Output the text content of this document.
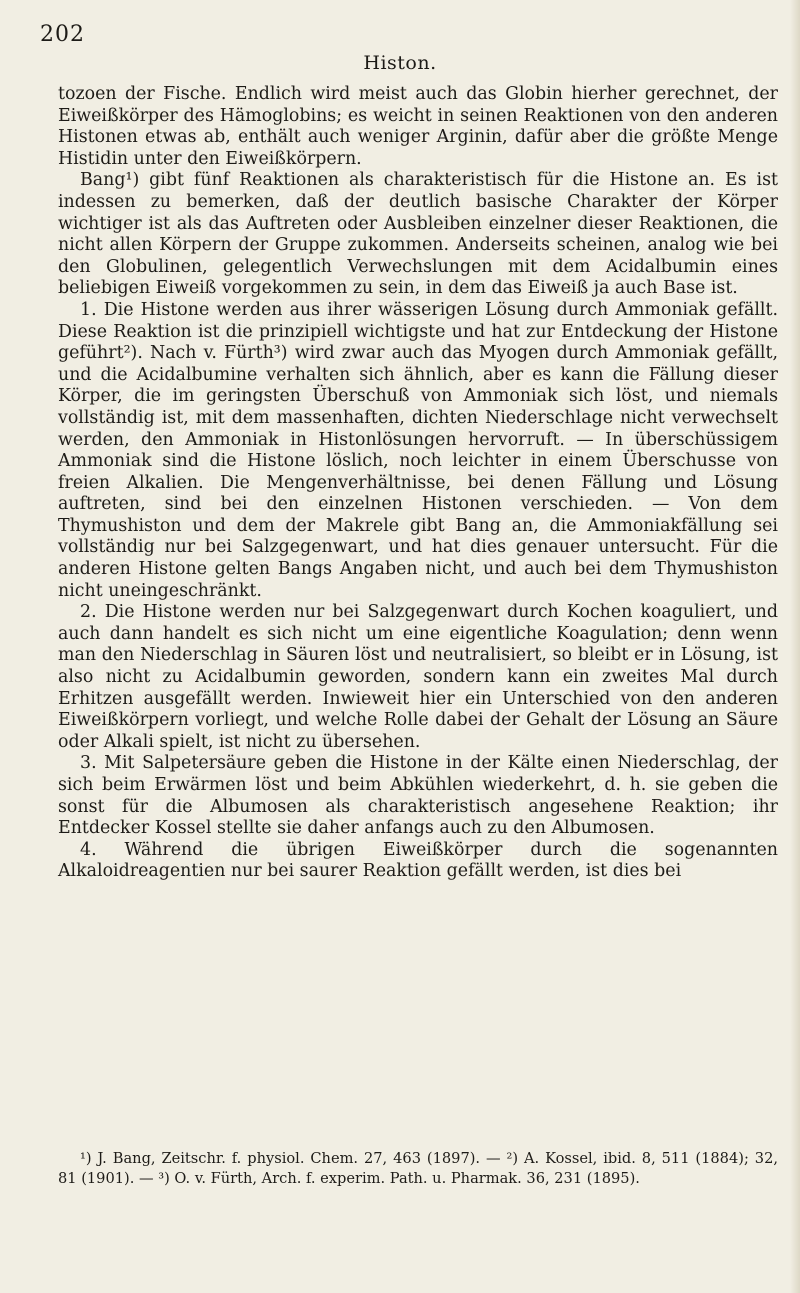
202
Histon.

tozoen der Fische. Endlich wird meist auch das Globin hierher gerechnet, der Eiweißkörper des Hämoglobins; es weicht in seinen Reaktionen von den anderen Histonen etwas ab, enthält auch weniger Arginin, dafür aber die größte Menge Histidin unter den Eiweißkörpern.

Bang¹) gibt fünf Reaktionen als charakteristisch für die Histone an. Es ist indessen zu bemerken, daß der deutlich basische Charakter der Körper wichtiger ist als das Auftreten oder Ausbleiben einzelner dieser Reaktionen, die nicht allen Körpern der Gruppe zukommen. Anderseits scheinen, analog wie bei den Globulinen, gelegentlich Verwechslungen mit dem Acidalbumin eines beliebigen Eiweiß vorgekommen zu sein, in dem das Eiweiß ja auch Base ist.

1. Die Histone werden aus ihrer wässerigen Lösung durch Ammoniak gefällt. Diese Reaktion ist die prinzipiell wichtigste und hat zur Entdeckung der Histone geführt²). Nach v. Fürth³) wird zwar auch das Myogen durch Ammoniak gefällt, und die Acidalbumine verhalten sich ähnlich, aber es kann die Fällung dieser Körper, die im geringsten Überschuß von Ammoniak sich löst, und niemals vollständig ist, mit dem massenhaften, dichten Niederschlage nicht verwechselt werden, den Ammoniak in Histonlösungen hervorruft. — In überschüssigem Ammoniak sind die Histone löslich, noch leichter in einem Überschusse von freien Alkalien. Die Mengenverhältnisse, bei denen Fällung und Lösung auftreten, sind bei den einzelnen Histonen verschieden. — Von dem Thymushiston und dem der Makrele gibt Bang an, die Ammoniakfällung sei vollständig nur bei Salzgegenwart, und hat dies genauer untersucht. Für die anderen Histone gelten Bangs Angaben nicht, und auch bei dem Thymushiston nicht uneingeschränkt.

2. Die Histone werden nur bei Salzgegenwart durch Kochen koaguliert, und auch dann handelt es sich nicht um eine eigentliche Koagulation; denn wenn man den Niederschlag in Säuren löst und neutralisiert, so bleibt er in Lösung, ist also nicht zu Acidalbumin geworden, sondern kann ein zweites Mal durch Erhitzen ausgefällt werden. Inwieweit hier ein Unterschied von den anderen Eiweißkörpern vorliegt, und welche Rolle dabei der Gehalt der Lösung an Säure oder Alkali spielt, ist nicht zu übersehen.

3. Mit Salpetersäure geben die Histone in der Kälte einen Niederschlag, der sich beim Erwärmen löst und beim Abkühlen wiederkehrt, d. h. sie geben die sonst für die Albumosen als charakteristisch angesehene Reaktion; ihr Entdecker Kossel stellte sie daher anfangs auch zu den Albumosen.

4. Während die übrigen Eiweißkörper durch die sogenannten Alkaloidreagentien nur bei saurer Reaktion gefällt werden, ist dies bei

¹) J. Bang, Zeitschr. f. physiol. Chem. 27, 463 (1897). — ²) A. Kossel, ibid. 8, 511 (1884); 32, 81 (1901). — ³) O. v. Fürth, Arch. f. experim. Path. u. Pharmak. 36, 231 (1895).
